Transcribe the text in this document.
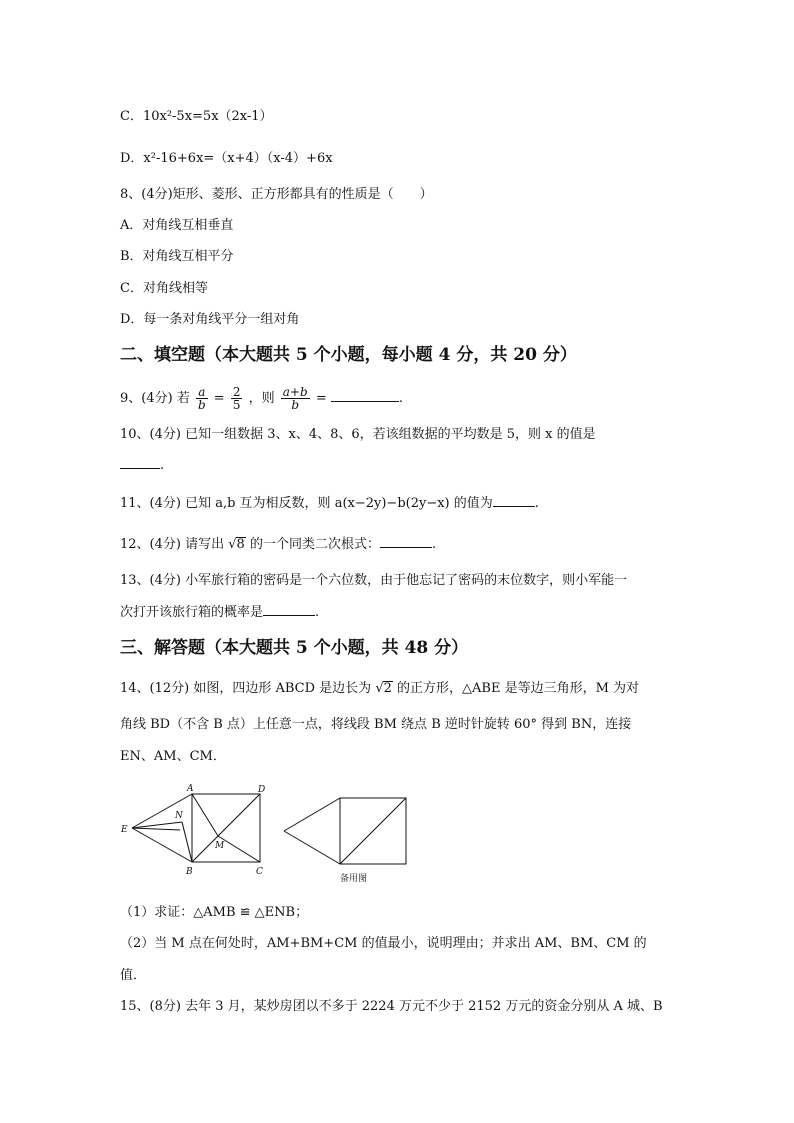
C．10x²-5x=5x（2x-1）
D．x²-16+6x=（x+4）（x-4）+6x
8、(4分)矩形、菱形、正方形都具有的性质是（　　）
A．对角线互相垂直
B．对角线互相平分
C．对角线相等
D．每一条对角线平分一组对角
二、填空题（本大题共 5 个小题，每小题 4 分，共 20 分）
9、(4分) 若 $\frac{a}{b} = \frac{2}{5}$ ，则 $\frac{a+b}{b}$ =	.
10、(4分) 已知一组数据 3、x、4、8、6，若该组数据的平均数是 5，则 x 的值是
.
11、(4分) 已知 a,b 互为相反数，则 a(x−2y)−b(2y−x) 的值为	.
12、(4分) 请写出 √8 的一个同类二次根式：	.
13、(4分) 小军旅行箱的密码是一个六位数，由于他忘记了密码的末位数字，则小军能一
次打开该旅行箱的概率是	.
三、解答题（本大题共 5 个小题，共 48 分）
14、(12分) 如图，四边形 ABCD 是边长为 √2 的正方形，△ABE 是等边三角形，M 为对
角线 BD（不含 B 点）上任意一点，将线段 BM 绕点 B 逆时针旋转 60° 得到 BN，连接
EN、AM、CM．
A	D
E
N
M
B	C
备用图
（1）求证：△AMB ≌ △ENB；
（2）当 M 点在何处时，AM+BM+CM 的值最小，说明理由；并求出 AM、BM、CM 的
值．
15、(8分) 去年 3 月，某炒房团以不多于 2224 万元不少于 2152 万元的资金分别从 A 城、B
